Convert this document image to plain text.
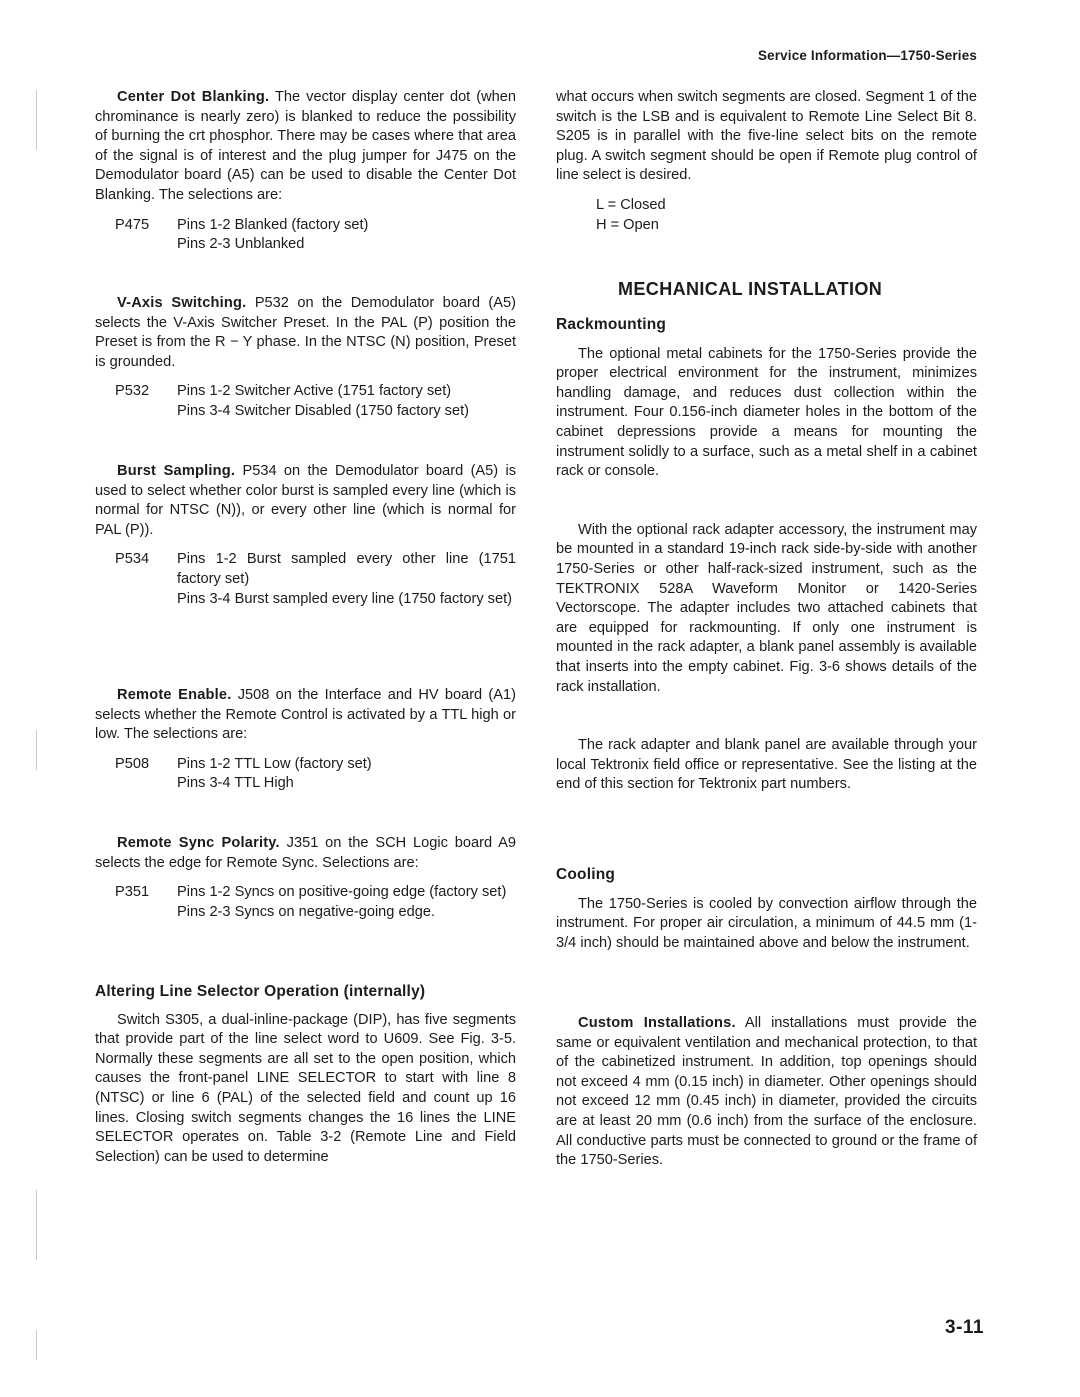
Service Information—1750-Series

Center Dot Blanking. The vector display center dot (when chrominance is nearly zero) is blanked to reduce the possibility of burning the crt phosphor. There may be cases where that area of the signal is of interest and the plug jumper for J475 on the Demodulator board (A5) can be used to disable the Center Dot Blanking. The selections are:

P475	Pins 1-2 Blanked (factory set)
Pins 2-3 Unblanked

V-Axis Switching. P532 on the Demodulator board (A5) selects the V-Axis Switcher Preset. In the PAL (P) position the Preset is from the R − Y phase. In the NTSC (N) position, Preset is grounded.

P532	Pins 1-2 Switcher Active (1751 factory set)
Pins 3-4 Switcher Disabled (1750 factory set)

Burst Sampling. P534 on the Demodulator board (A5) is used to select whether color burst is sampled every line (which is normal for NTSC (N)), or every other line (which is normal for PAL (P)).

P534	Pins 1-2 Burst sampled every other line (1751 factory set)
Pins 3-4 Burst sampled every line (1750 factory set)

Remote Enable. J508 on the Interface and HV board (A1) selects whether the Remote Control is activated by a TTL high or low. The selections are:

P508	Pins 1-2 TTL Low (factory set)
Pins 3-4 TTL High

Remote Sync Polarity. J351 on the SCH Logic board A9 selects the edge for Remote Sync. Selections are:

P351	Pins 1-2 Syncs on positive-going edge (factory set)
Pins 2-3 Syncs on negative-going edge.
Altering Line Selector Operation (internally)

Switch S305, a dual-inline-package (DIP), has five segments that provide part of the line select word to U609. See Fig. 3-5. Normally these segments are all set to the open position, which causes the front-panel LINE SELECTOR to start with line 8 (NTSC) or line 6 (PAL) of the selected field and count up 16 lines. Closing switch segments changes the 16 lines the LINE SELECTOR operates on. Table 3-2 (Remote Line and Field Selection) can be used to determine

what occurs when switch segments are closed. Segment 1 of the switch is the LSB and is equivalent to Remote Line Select Bit 8. S205 is in parallel with the five-line select bits on the remote plug. A switch segment should be open if Remote plug control of line select is desired.

L = Closed
H = Open
MECHANICAL INSTALLATION
Rackmounting

The optional metal cabinets for the 1750-Series provide the proper electrical environment for the instrument, minimizes handling damage, and reduces dust collection within the instrument. Four 0.156-inch diameter holes in the bottom of the cabinet depressions provide a means for mounting the instrument solidly to a surface, such as a metal shelf in a cabinet rack or console.

With the optional rack adapter accessory, the instrument may be mounted in a standard 19-inch rack side-by-side with another 1750-Series or other half-rack-sized instrument, such as the TEKTRONIX 528A Waveform Monitor or 1420-Series Vectorscope. The adapter includes two attached cabinets that are equipped for rackmounting. If only one instrument is mounted in the rack adapter, a blank panel assembly is available that inserts into the empty cabinet. Fig. 3-6 shows details of the rack installation.

The rack adapter and blank panel are available through your local Tektronix field office or representative. See the listing at the end of this section for Tektronix part numbers.

Cooling

The 1750-Series is cooled by convection airflow through the instrument. For proper air circulation, a minimum of 44.5 mm (1-3/4 inch) should be maintained above and below the instrument.

Custom Installations. All installations must provide the same or equivalent ventilation and mechanical protection, to that of the cabinetized instrument. In addition, top openings should not exceed 4 mm (0.15 inch) in diameter. Other openings should not exceed 12 mm (0.45 inch) in diameter, provided the circuits are at least 20 mm (0.6 inch) from the surface of the enclosure. All conductive parts must be connected to ground or the frame of the 1750-Series.

3-11
